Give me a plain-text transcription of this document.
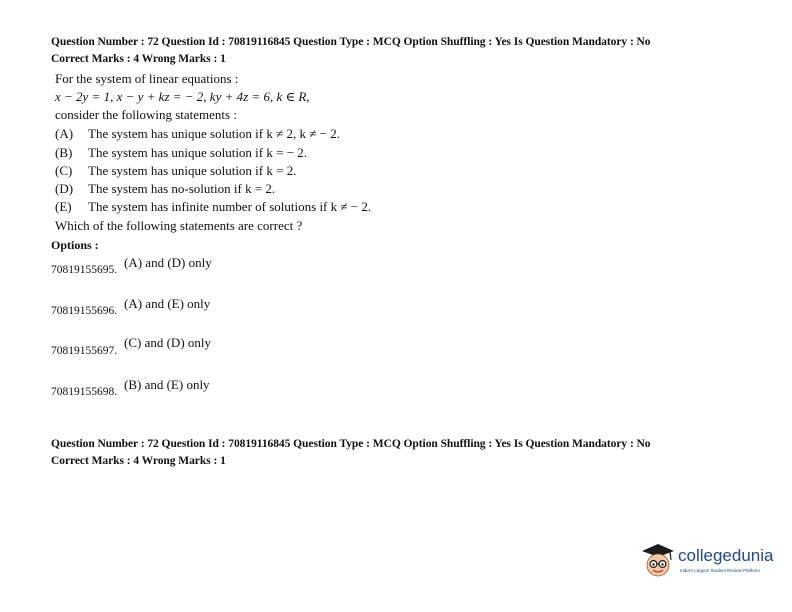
Question Number : 72 Question Id : 70819116845 Question Type : MCQ Option Shuffling : Yes Is Question Mandatory : No
Correct Marks : 4 Wrong Marks : 1
For the system of linear equations :
x − 2y = 1, x − y + kz = − 2, ky + 4z = 6, k ∈ R,
consider the following statements :
(A) The system has unique solution if k ≠ 2, k ≠ − 2.
(B) The system has unique solution if k = − 2.
(C) The system has unique solution if k = 2.
(D) The system has no-solution if k = 2.
(E) The system has infinite number of solutions if k ≠ − 2.
Which of the following statements are correct ?
Options :
70819155695. (A) and (D) only
70819155696. (A) and (E) only
70819155697.
(C) and (D) only
70819155698. (B) and (E) only
Question Number : 72 Question Id : 70819116845 Question Type : MCQ Option Shuffling : Yes Is Question Mandatory : No
Correct Marks : 4 Wrong Marks : 1
collegedunia
India's Largest Student Review Platform
